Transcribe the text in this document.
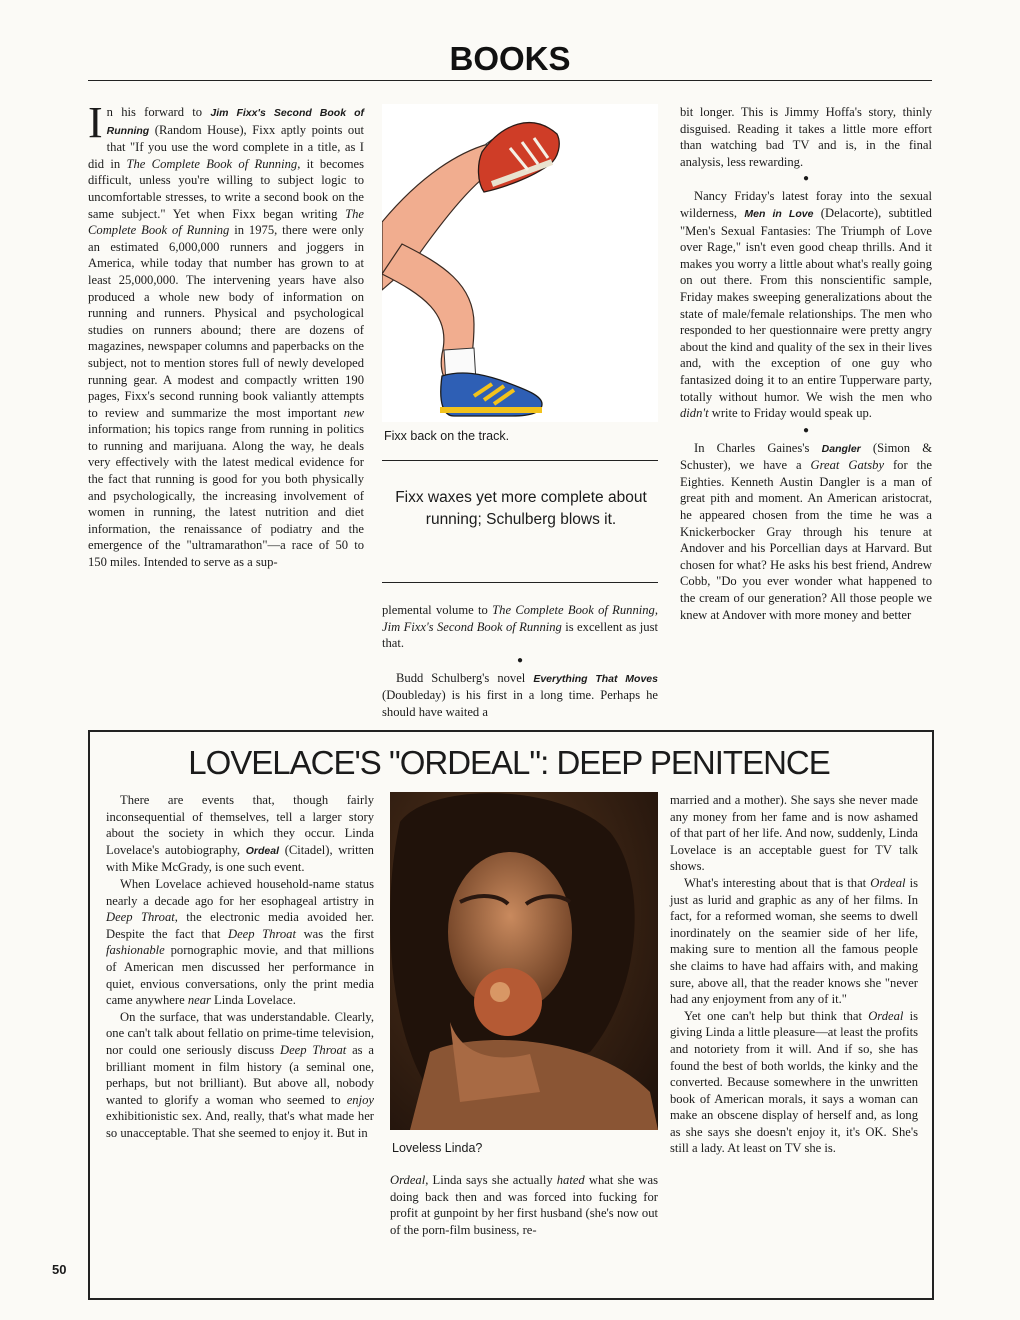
BOOKS

In his forward to Jim Fixx's Second Book of Running (Random House), Fixx aptly points out that "If you use the word complete in a title, as I did in The Complete Book of Running, it becomes difficult, unless you're willing to subject logic to uncomfortable stresses, to write a second book on the same subject." Yet when Fixx began writing The Complete Book of Running in 1975, there were only an estimated 6,000,000 runners and joggers in America, while today that number has grown to at least 25,000,000. The intervening years have also produced a whole new body of information on running and runners. Physical and psychological studies on runners abound; there are dozens of magazines, newspaper columns and paperbacks on the subject, not to mention stores full of newly developed running gear. A modest and compactly written 190 pages, Fixx's second running book valiantly attempts to review and summarize the most important new information; his topics range from running in politics to running and marijuana. Along the way, he deals very effectively with the latest medical evidence for the fact that running is good for you both physically and psychologically, the increasing involvement of women in running, the latest nutrition and diet information, the renaissance of podiatry and the emergence of the "ultramarathon"—a race of 50 to 150 miles. Intended to serve as a sup-

Fixx back on the track.
Fixx waxes yet more complete about running; Schulberg blows it.

plemental volume to The Complete Book of Running, Jim Fixx's Second Book of Running is excellent as just that.

●

Budd Schulberg's novel Everything That Moves (Doubleday) is his first in a long time. Perhaps he should have waited a

bit longer. This is Jimmy Hoffa's story, thinly disguised. Reading it takes a little more effort than watching bad TV and is, in the final analysis, less rewarding.

●

Nancy Friday's latest foray into the sexual wilderness, Men in Love (Delacorte), subtitled "Men's Sexual Fantasies: The Triumph of Love over Rage," isn't even good cheap thrills. And it makes you worry a little about what's really going on out there. From this nonscientific sample, Friday makes sweeping generalizations about the state of male/female relationships. The men who responded to her questionnaire were pretty angry about the kind and quality of the sex in their lives and, with the exception of one guy who fantasized doing it to an entire Tupperware party, totally without humor. We wish the men who didn't write to Friday would speak up.

●

In Charles Gaines's Dangler (Simon & Schuster), we have a Great Gatsby for the Eighties. Kenneth Austin Dangler is a man of great pith and moment. An American aristocrat, he appeared chosen from the time he was a Knickerbocker Gray through his tenure at Andover and his Porcellian days at Harvard. But chosen for what? He asks his best friend, Andrew Cobb, "Do you ever wonder what happened to the cream of our generation? All those people we knew at Andover with more money and better

LOVELACE'S "ORDEAL": DEEP PENITENCE

There are events that, though fairly inconsequential of themselves, tell a larger story about the society in which they occur. Linda Lovelace's autobiography, Ordeal (Citadel), written with Mike McGrady, is one such event.

When Lovelace achieved household-name status nearly a decade ago for her esophageal artistry in Deep Throat, the electronic media avoided her. Despite the fact that Deep Throat was the first fashionable pornographic movie, and that millions of American men discussed her performance in quiet, envious conversations, only the print media came anywhere near Linda Lovelace.

On the surface, that was understandable. Clearly, one can't talk about fellatio on prime-time television, nor could one seriously discuss Deep Throat as a brilliant moment in film history (a seminal one, perhaps, but not brilliant). But above all, nobody wanted to glorify a woman who seemed to enjoy exhibitionistic sex. And, really, that's what made her so unacceptable. That she seemed to enjoy it. But in

Loveless Linda?

Ordeal, Linda says she actually hated what she was doing back then and was forced into fucking for profit at gunpoint by her first husband (she's now out of the porn-film business, re-

married and a mother). She says she never made any money from her fame and is now ashamed of that part of her life. And now, suddenly, Linda Lovelace is an acceptable guest for TV talk shows.

What's interesting about that is that Ordeal is just as lurid and graphic as any of her films. In fact, for a reformed woman, she seems to dwell inordinately on the seamier side of her life, making sure to mention all the famous people she claims to have had affairs with, and making sure, above all, that the reader knows she "never had any enjoyment from any of it."

Yet one can't help but think that Ordeal is giving Linda a little pleasure—at least the profits and notoriety from it will. And if so, she has found the best of both worlds, the kinky and the converted. Because somewhere in the unwritten book of American morals, it says a woman can make an obscene display of herself and, as long as she says she doesn't enjoy it, it's OK. She's still a lady. At least on TV she is.

50
